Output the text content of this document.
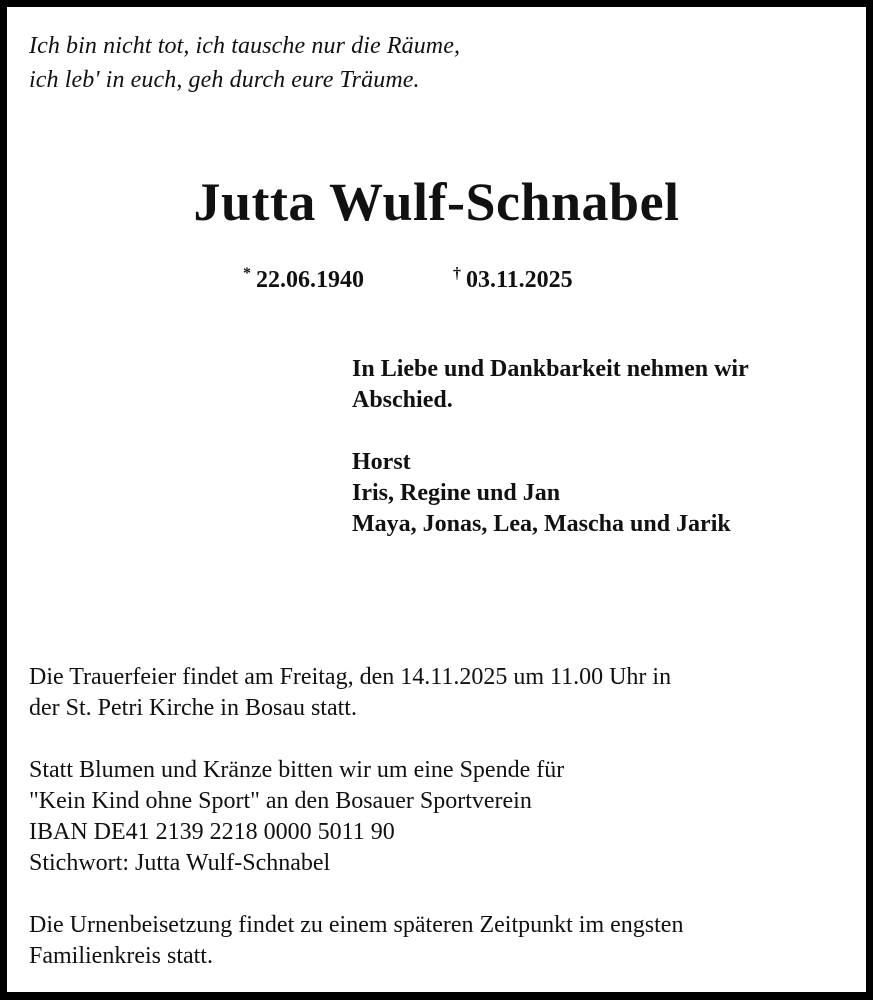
Ich bin nicht tot, ich tausche nur die Räume,
ich leb' in euch, geh durch eure Träume.
Jutta Wulf-Schnabel
* 22.06.1940	† 03.11.2025

In Liebe und Dankbarkeit nehmen wir

Abschied.

Horst

Iris, Regine und Jan

Maya, Jonas, Lea, Mascha und Jarik

Die Trauerfeier findet am Freitag, den 14.11.2025 um 11.00 Uhr in

der St. Petri Kirche in Bosau statt.

Statt Blumen und Kränze bitten wir um eine Spende für

"Kein Kind ohne Sport" an den Bosauer Sportverein

IBAN DE41 2139 2218 0000 5011 90

Stichwort: Jutta Wulf-Schnabel

Die Urnenbeisetzung findet zu einem späteren Zeitpunkt im engsten

Familienkreis statt.
